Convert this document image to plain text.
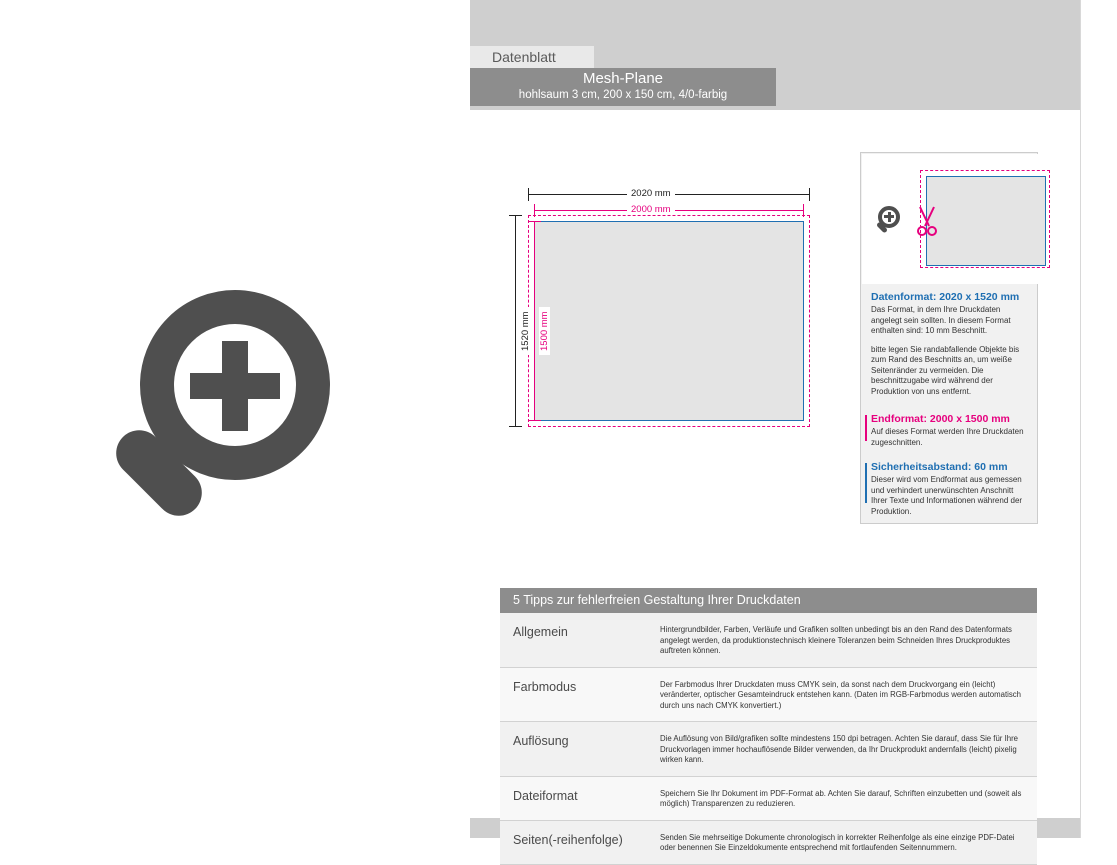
Datenblatt
Mesh-Plane
hohlsaum 3 cm, 200 x 150 cm, 4/0-farbig
2020 mm
2000 mm
1520 mm 1500 mm

Datenformat: 2020 x 1520 mm

Das Format, in dem Ihre Druckdaten angelegt sein sollten. In diesem Format enthalten sind: 10 mm Beschnitt.

bitte legen Sie randabfallende Objekte bis zum Rand des Beschnitts an, um weiße Seitenränder zu vermeiden. Die beschnittzugabe wird während der Produktion von uns entfernt.

Endformat: 2000 x 1500 mm

Auf dieses Format werden Ihre Druckdaten zugeschnitten.

Sicherheitsabstand: 60 mm

Dieser wird vom Endformat aus gemessen und verhindert unerwünschten Anschnitt Ihrer Texte und Informationen während der Produktion.

5 Tipps zur fehlerfreien Gestaltung Ihrer Druckdaten
Allgemein	Hintergrundbilder, Farben, Verläufe und Grafiken sollten unbedingt bis an den Rand des Datenformats angelegt werden, da produktionstechnisch kleinere Toleranzen beim Schneiden Ihres Druckproduktes auftreten können.
Farbmodus	Der Farbmodus Ihrer Druckdaten muss CMYK sein, da sonst nach dem Druckvorgang ein (leicht) veränderter, optischer Gesamteindruck entstehen kann. (Daten im RGB-Farbmodus werden automatisch durch uns nach CMYK konvertiert.)
Auflösung	Die Auflösung von Bild/grafiken sollte mindestens 150 dpi betragen. Achten Sie darauf, dass Sie für Ihre Druckvorlagen immer hochauflösende Bilder verwenden, da Ihr Druckprodukt andernfalls (leicht) pixelig wirken kann.
Dateiformat	Speichern Sie Ihr Dokument im PDF-Format ab. Achten Sie darauf, Schriften einzubetten und (soweit als möglich) Transparenzen zu reduzieren.
Seiten(-reihenfolge)	Senden Sie mehrseitige Dokumente chronologisch in korrekter Reihenfolge als eine einzige PDF-Datei oder benennen Sie Einzeldokumente entsprechend mit fortlaufenden Seitennummern.
